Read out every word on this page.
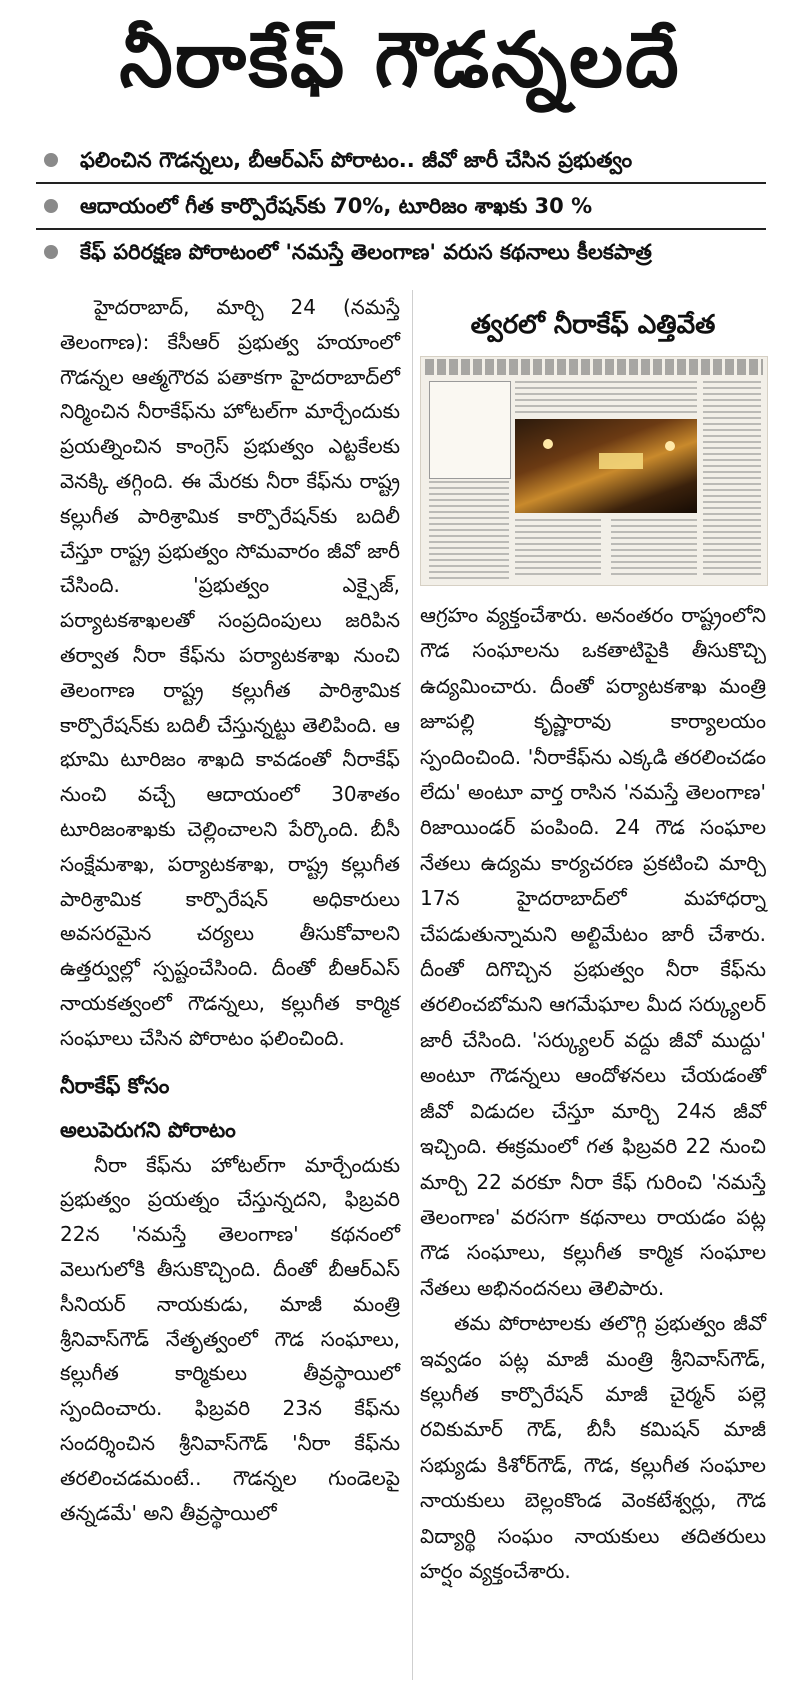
నీరాకేఫ్ గౌడన్నలదే
ఫలించిన గౌడన్నలు, బీఆర్‌ఎస్ పోరాటం.. జీవో జారీ చేసిన ప్రభుత్వం
ఆదాయంలో గీత కార్పొరేషన్‌కు 70%, టూరిజం శాఖకు 30 %
కేఫ్ పరిరక్షణ పోరాటంలో 'నమస్తే తెలంగాణ' వరుస కథనాలు కీలకపాత్ర

హైదరాబాద్, మార్చి 24 (నమస్తే తెలంగాణ): కేసీఆర్ ప్రభుత్వ హయాంలో గౌడన్నల ఆత్మగౌరవ పతాకగా హైదరాబాద్‌లో నిర్మించిన నీరాకేఫ్‌ను హోటల్‌గా మార్చేందుకు ప్రయత్నించిన కాంగ్రెస్ ప్రభుత్వం ఎట్టకేలకు వెనక్కి తగ్గింది. ఈ మేరకు నీరా కేఫ్‌ను రాష్ట్ర కల్లుగీత పారిశ్రామిక కార్పొరేషన్‌కు బదిలీ చేస్తూ రాష్ట్ర ప్రభుత్వం సోమవారం జీవో జారీ చేసింది. 'ప్రభుత్వం ఎక్సైజ్, పర్యాటకశాఖలతో సంప్రదింపులు జరిపిన తర్వాత నీరా కేఫ్‌ను పర్యాటకశాఖ నుంచి తెలంగాణ రాష్ట్ర కల్లుగీత పారిశ్రామిక కార్పొరేషన్‌కు బదిలీ చేస్తున్నట్టు తెలిపింది. ఆ భూమి టూరిజం శాఖది కావడంతో నీరాకేఫ్ నుంచి వచ్చే ఆదాయంలో 30శాతం టూరిజంశాఖకు చెల్లించాలని పేర్కొంది. బీసీ సంక్షేమశాఖ, పర్యాటకశాఖ, రాష్ట్ర కల్లుగీత పారిశ్రామిక కార్పొరేషన్ అధికారులు అవసరమైన చర్యలు తీసుకోవాలని ఉత్తర్వుల్లో స్పష్టంచేసింది. దీంతో బీఆర్‌ఎస్ నాయకత్వంలో గౌడన్నలు, కల్లుగీత కార్మిక సంఘాలు చేసిన పోరాటం ఫలించింది.

నీరాకేఫ్ కోసం
అలుపెరుగని పోరాటం

నీరా కేఫ్‌ను హోటల్‌గా మార్చేందుకు ప్రభుత్వం ప్రయత్నం చేస్తున్నదని, ఫిబ్రవరి 22న 'నమస్తే తెలంగాణ' కథనంలో వెలుగులోకి తీసుకొచ్చింది. దీంతో బీఆర్‌ఎస్ సీనియర్ నాయకుడు, మాజీ మంత్రి శ్రీనివాస్‌గౌడ్ నేతృత్వంలో గౌడ సంఘాలు, కల్లుగీత కార్మికులు తీవ్రస్థాయిలో స్పందించారు. ఫిబ్రవరి 23న కేఫ్‌ను సందర్శించిన శ్రీనివాస్‌గౌడ్ 'నీరా కేఫ్‌ను తరలించడమంటే.. గౌడన్నల గుండెలపై తన్నడమే' అని తీవ్రస్థాయిలో

త్వరలో నీరాకేఫ్ ఎత్తివేత

ఆగ్రహం వ్యక్తంచేశారు. అనంతరం రాష్ట్రంలోని గౌడ సంఘాలను ఒకతాటిపైకి తీసుకొచ్చి ఉద్యమించారు. దీంతో పర్యాటకశాఖ మంత్రి జూపల్లి కృష్ణారావు కార్యాలయం స్పందించింది. 'నీరాకేఫ్‌ను ఎక్కడి తరలించడం లేదు' అంటూ వార్త రాసిన 'నమస్తే తెలంగాణ' రిజాయిండర్ పంపింది. 24 గౌడ సంఘాల నేతలు ఉద్యమ కార్యచరణ ప్రకటించి మార్చి 17న హైదరాబాద్‌లో మహాధర్నా చేపడుతున్నామని అల్టిమేటం జారీ చేశారు. దీంతో దిగొచ్చిన ప్రభుత్వం నీరా కేఫ్‌ను తరలించబోమని ఆగమేఘాల మీద సర్క్యులర్ జారీ చేసింది. 'సర్క్యులర్ వద్దు జీవో ముద్దు' అంటూ గౌడన్నలు ఆందోళనలు చేయడంతో జీవో విడుదల చేస్తూ మార్చి 24న జీవో ఇచ్చింది. ఈక్రమంలో గత ఫిబ్రవరి 22 నుంచి మార్చి 22 వరకూ నీరా కేఫ్ గురించి 'నమస్తే తెలంగాణ' వరసగా కథనాలు రాయడం పట్ల గౌడ సంఘాలు, కల్లుగీత కార్మిక సంఘాల నేతలు అభినందనలు తెలిపారు.

తమ పోరాటాలకు తలొగ్గి ప్రభుత్వం జీవో ఇవ్వడం పట్ల మాజీ మంత్రి శ్రీనివాస్‌గౌడ్, కల్లుగీత కార్పొరేషన్ మాజీ చైర్మన్ పల్లె రవికుమార్ గౌడ్, బీసీ కమిషన్ మాజీ సభ్యుడు కిశోర్‌గౌడ్, గౌడ, కల్లుగీత సంఘాల నాయకులు బెల్లంకొండ వెంకటేశ్వర్లు, గౌడ విద్యార్థి సంఘం నాయకులు తదితరులు హర్షం వ్యక్తంచేశారు.
